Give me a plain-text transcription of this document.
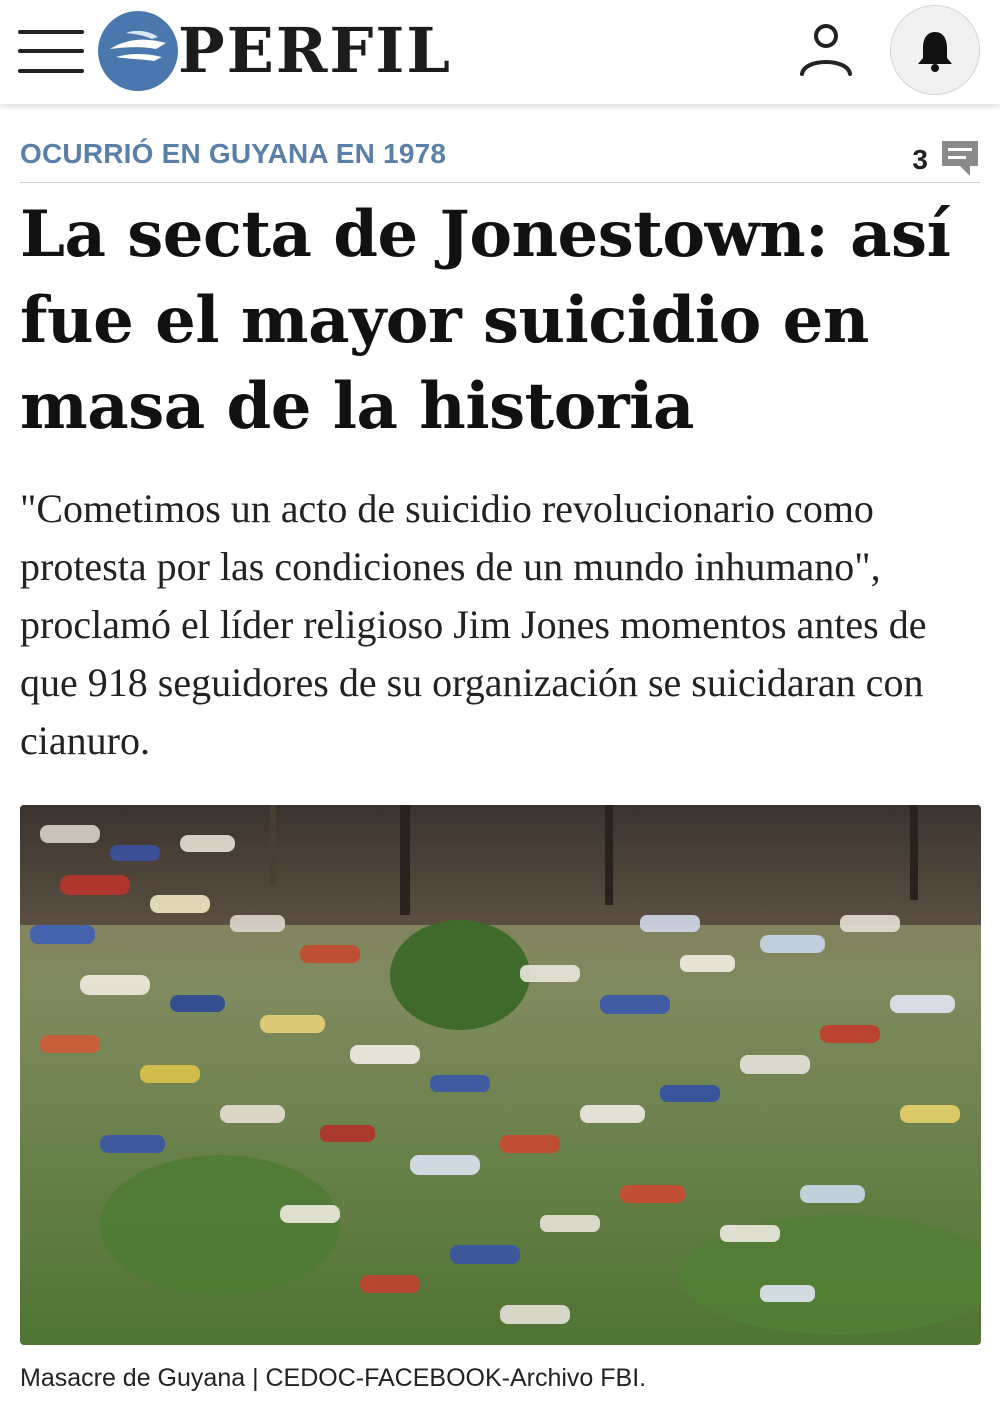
PERFIL
OCURRIÓ EN GUYANA EN 1978	3
La secta de Jonestown: así fue el mayor suicidio en masa de la historia

"Cometimos un acto de suicidio revolucionario como protesta por las condiciones de un mundo inhumano", proclamó el líder religioso Jim Jones momentos antes de que 918 seguidores de su organización se suicidaran con cianuro.

Masacre de Guyana | CEDOC-FACEBOOK-Archivo FBI.
